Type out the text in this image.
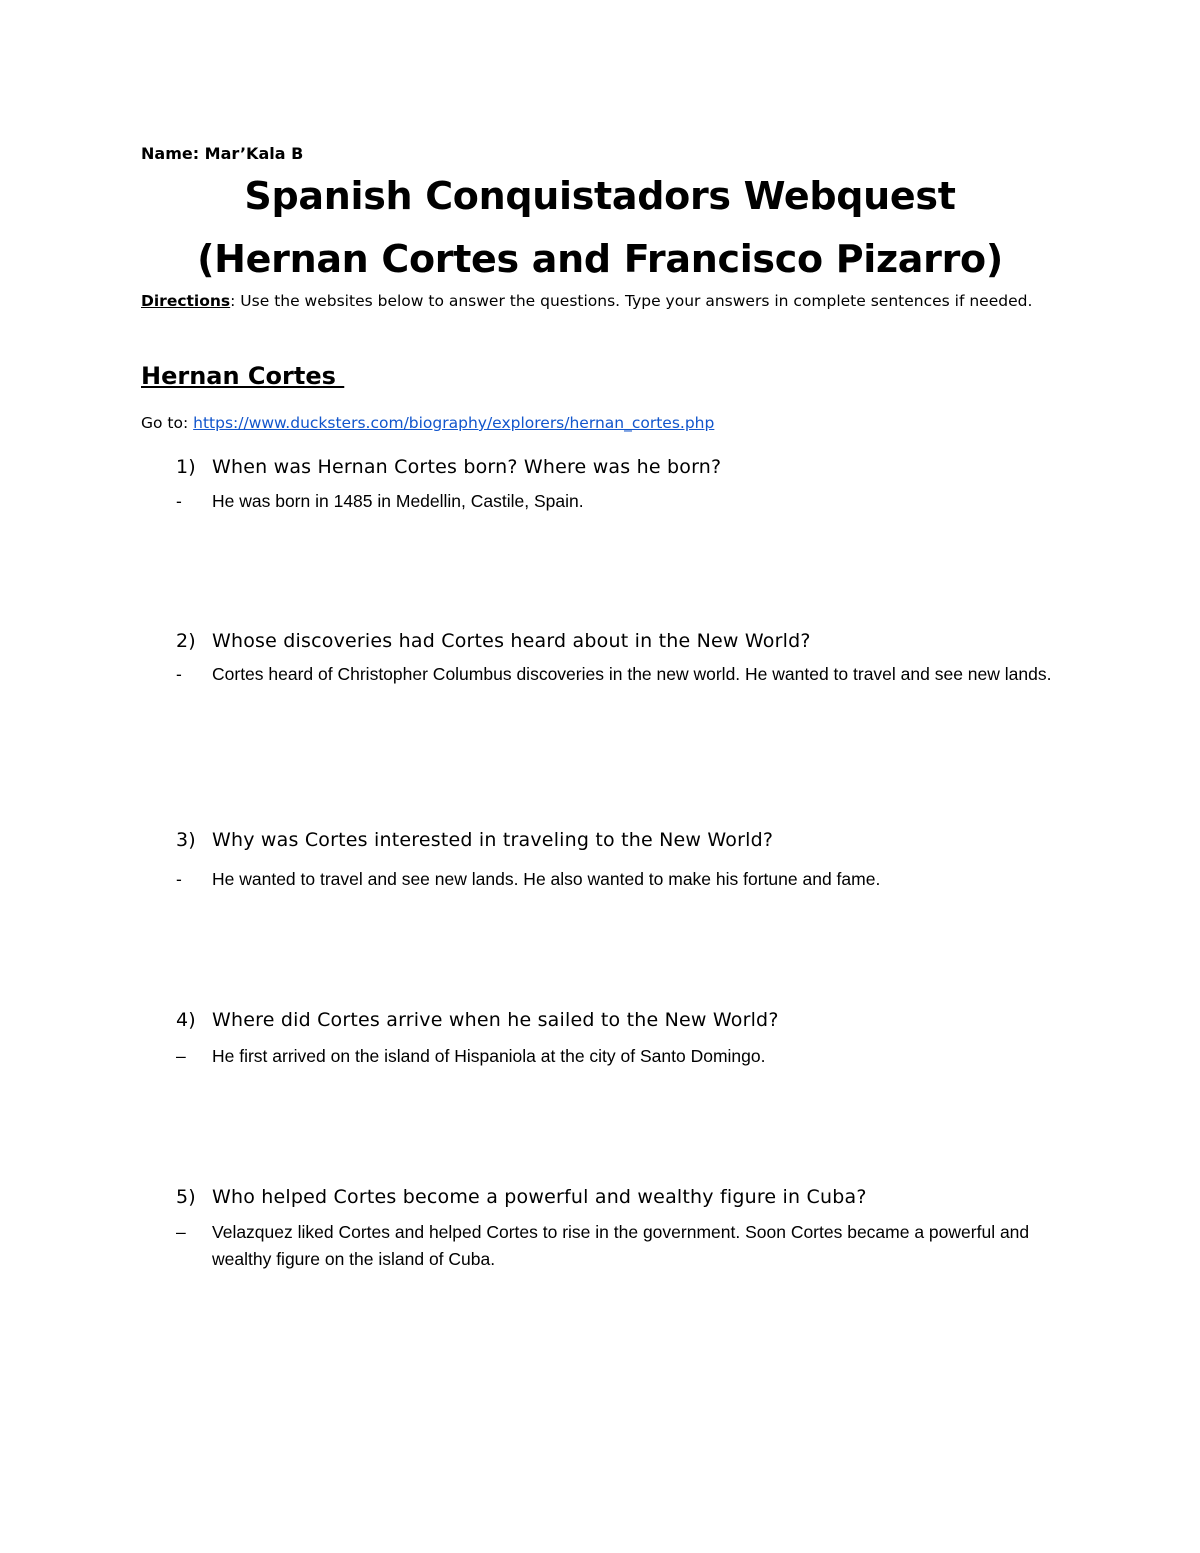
Name: Mar’Kala B
Spanish Conquistadors Webquest
(Hernan Cortes and Francisco Pizarro)
Directions: Use the websites below to answer the questions. Type your answers in complete sentences if needed.
Hernan Cortes
Go to: https://www.ducksters.com/biography/explorers/hernan_cortes.php
1) When was Hernan Cortes born? Where was he born?
-	He was born in 1485 in Medellin, Castile, Spain.
2) Whose discoveries had Cortes heard about in the New World?
-	Cortes heard of Christopher Columbus discoveries in the new world. He wanted to travel and see new lands.
3) Why was Cortes interested in traveling to the New World?
-	He wanted to travel and see new lands. He also wanted to make his fortune and fame.
4) Where did Cortes arrive when he sailed to the New World?
–	He first arrived on the island of Hispaniola at the city of Santo Domingo.
5) Who helped Cortes become a powerful and wealthy figure in Cuba?
–	Velazquez liked Cortes and helped Cortes to rise in the government. Soon Cortes became a powerful and wealthy figure on the island of Cuba.
